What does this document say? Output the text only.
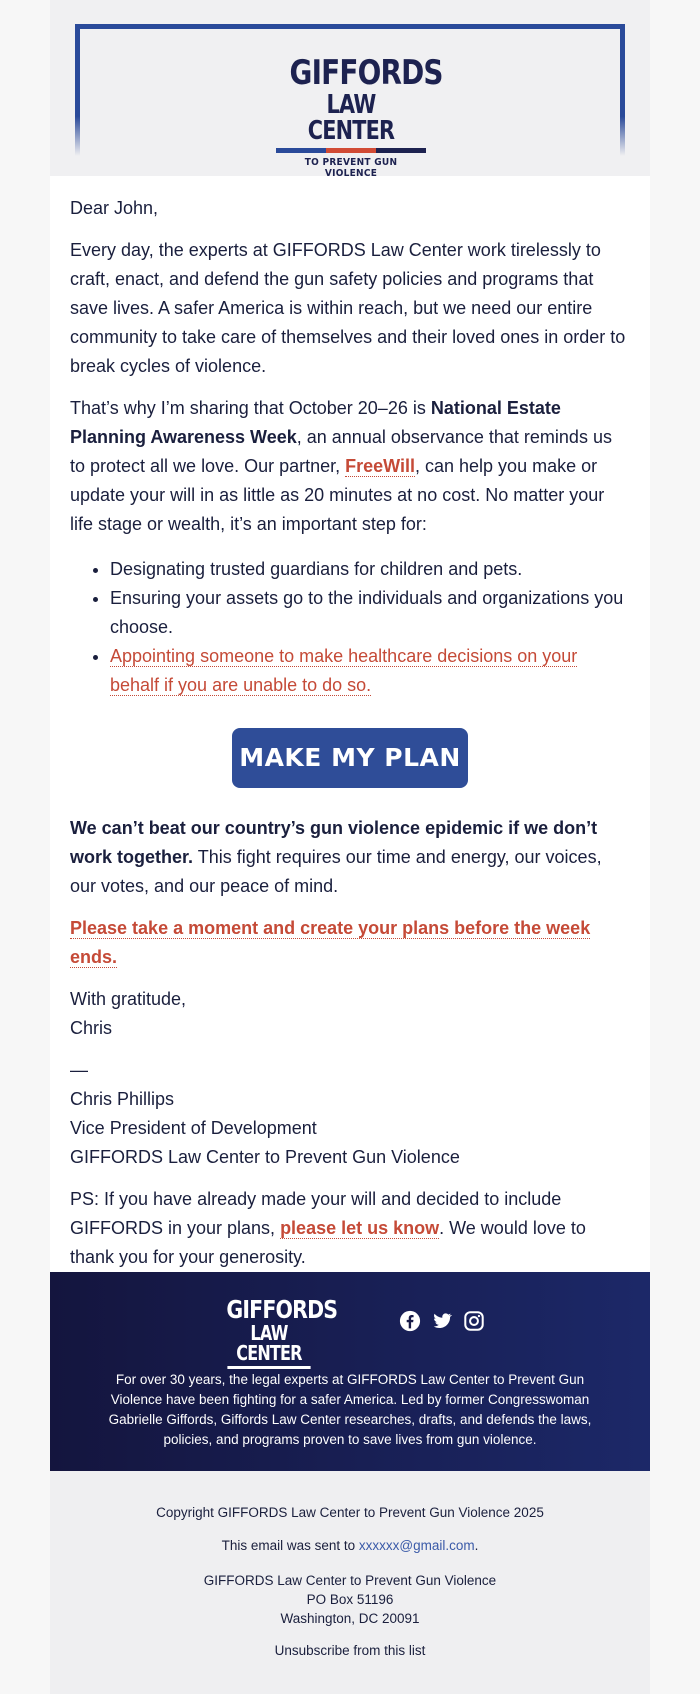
GIFFORDS
LAW CENTER
TO PREVENT GUN VIOLENCE

Dear John,

Every day, the experts at GIFFORDS Law Center work tirelessly to craft, enact, and defend the gun safety policies and programs that save lives. A safer America is within reach, but we need our entire community to take care of themselves and their loved ones in order to break cycles of violence.

That’s why I’m sharing that October 20–26 is National Estate Planning Awareness Week, an annual observance that reminds us to protect all we love. Our partner, FreeWill, can help you make or update your will in as little as 20 minutes at no cost. No matter your life stage or wealth, it’s an important step for:

• Designating trusted guardians for children and pets.
• Ensuring your assets go to the individuals and organizations you choose.
• Appointing someone to make healthcare decisions on your behalf if you are unable to do so.
MAKE MY PLAN

We can’t beat our country’s gun violence epidemic if we don’t work together. This fight requires our time and energy, our voices, our votes, and our peace of mind.

Please take a moment and create your plans before the week ends.

With gratitude,
Chris
—
Chris Phillips
Vice President of Development
GIFFORDS Law Center to Prevent Gun Violence

PS: If you have already made your will and decided to include GIFFORDS in your plans, please let us know. We would love to thank you for your generosity.

GIFFORDS
LAW CENTER
For over 30 years, the legal experts at GIFFORDS Law Center to Prevent Gun Violence have been fighting for a safer America. Led by former Congresswoman Gabrielle Giffords, Giffords Law Center researches, drafts, and defends the laws, policies, and programs proven to save lives from gun violence.
Copyright GIFFORDS Law Center to Prevent Gun Violence 2025
This email was sent to xxxxxx@gmail.com.
GIFFORDS Law Center to Prevent Gun Violence
PO Box 51196
Washington, DC 20091
Unsubscribe from this list
